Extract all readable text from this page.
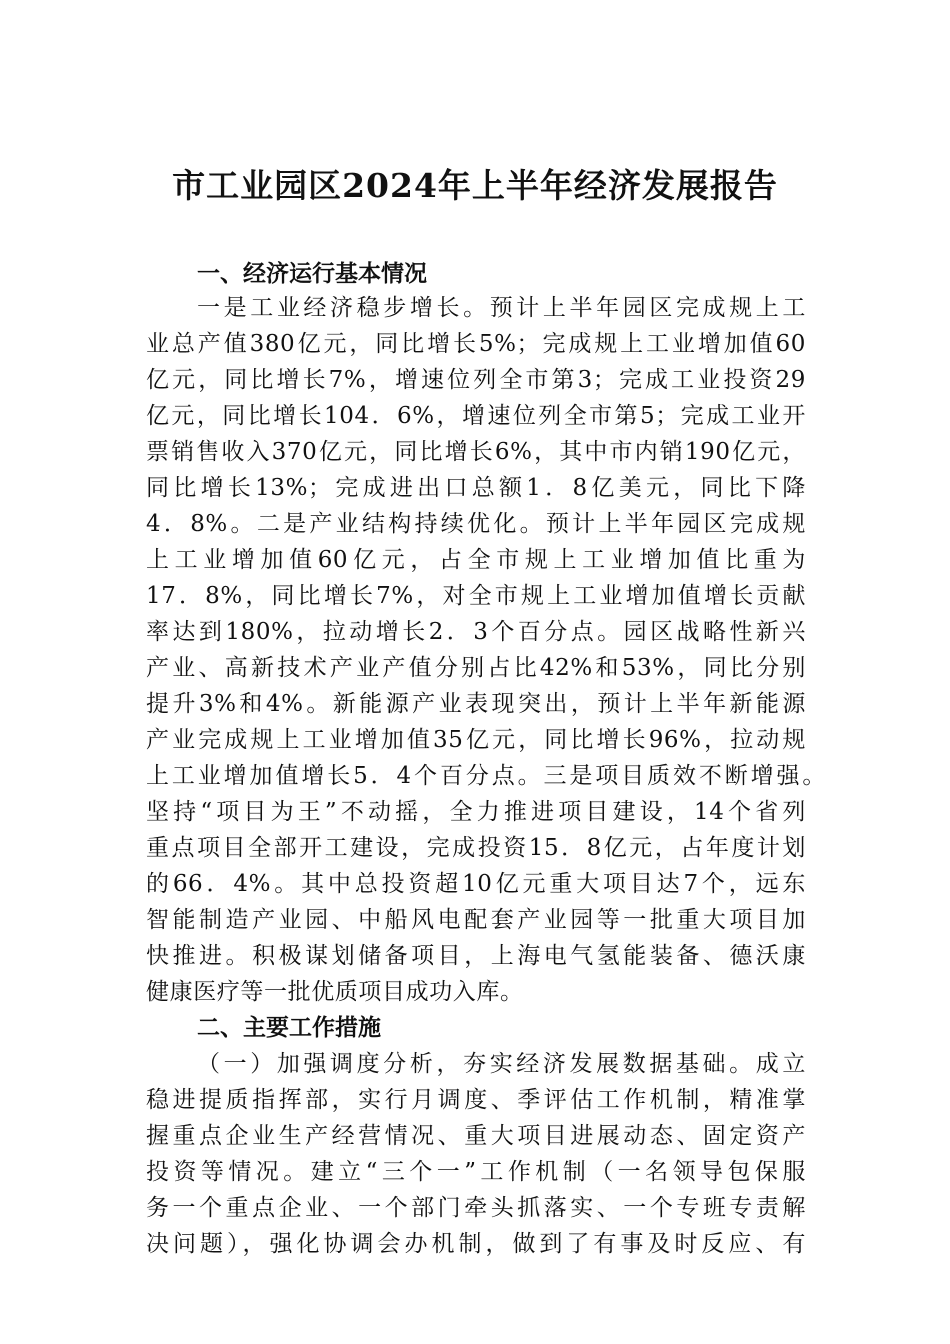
市工业园区2024年上半年经济发展报告
一、经济运行基本情况

一是工业经济稳步增长。预计上半年园区完成规上工

业总产值380亿元，同比增长5%；完成规上工业增加值60

亿元，同比增长7%，增速位列全市第3；完成工业投资29

亿元，同比增长104．6%，增速位列全市第5；完成工业开

票销售收入370亿元，同比增长6%，其中市内销190亿元，

同比增长13%；完成进出口总额1．8亿美元，同比下降

4．8%。二是产业结构持续优化。预计上半年园区完成规

上工业增加值60亿元，占全市规上工业增加值比重为

17．8%，同比增长7%，对全市规上工业增加值增长贡献

率达到180%，拉动增长2．3个百分点。园区战略性新兴

产业、高新技术产业产值分别占比42%和53%，同比分别

提升3%和4%。新能源产业表现突出，预计上半年新能源

产业完成规上工业增加值35亿元，同比增长96%，拉动规

上工业增加值增长5．4个百分点。三是项目质效不断增强。

坚持“项目为王”不动摇，全力推进项目建设，14个省列

重点项目全部开工建设，完成投资15．8亿元，占年度计划

的66．4%。其中总投资超10亿元重大项目达7个，远东

智能制造产业园、中船风电配套产业园等一批重大项目加

快推进。积极谋划储备项目，上海电气氢能装备、德沃康

健康医疗等一批优质项目成功入库。

二、主要工作措施

（一）加强调度分析，夯实经济发展数据基础。成立

稳进提质指挥部，实行月调度、季评估工作机制，精准掌

握重点企业生产经营情况、重大项目进展动态、固定资产

投资等情况。建立“三个一”工作机制（一名领导包保服

务一个重点企业、一个部门牵头抓落实、一个专班专责解

决问题），强化协调会办机制，做到了有事及时反应、有
